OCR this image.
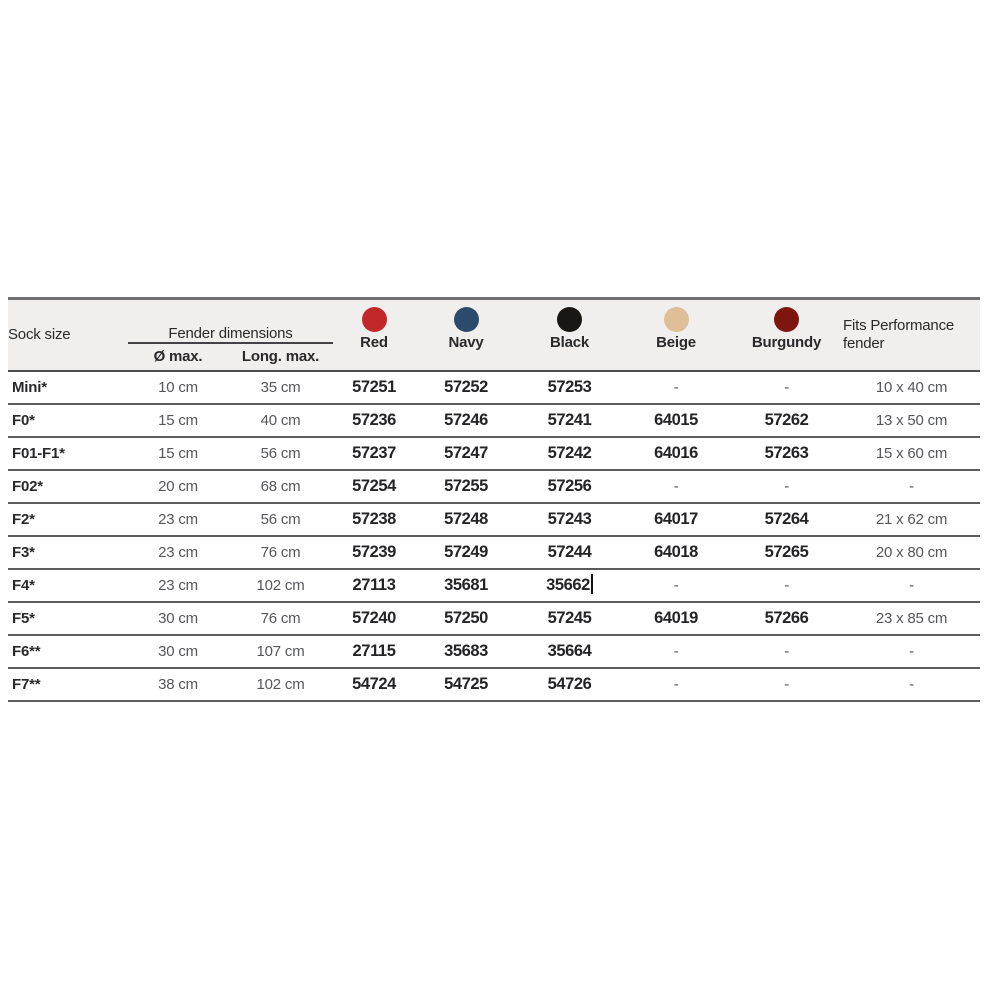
Sock size	Fender dimensions		Red	Navy	Black	Beige	Burgundy	Fits Performance fender
	Ø max.	Long. max.						
Mini*	10 cm	35 cm	57251	57252	57253	-	-	10 x 40 cm
F0*	15 cm	40 cm	57236	57246	57241	64015	57262	13 x 50 cm
F01-F1*	15 cm	56 cm	57237	57247	57242	64016	57263	15 x 60 cm
F02*	20 cm	68 cm	57254	57255	57256	-	-	-
F2*	23 cm	56 cm	57238	57248	57243	64017	57264	21 x 62 cm
F3*	23 cm	76 cm	57239	57249	57244	64018	57265	20 x 80 cm
F4*	23 cm	102 cm	27113	35681	35662	-	-	-
F5*	30 cm	76 cm	57240	57250	57245	64019	57266	23 x 85 cm
F6**	30 cm	107 cm	27115	35683	35664	-	-	-
F7**	38 cm	102 cm	54724	54725	54726	-	-	-
